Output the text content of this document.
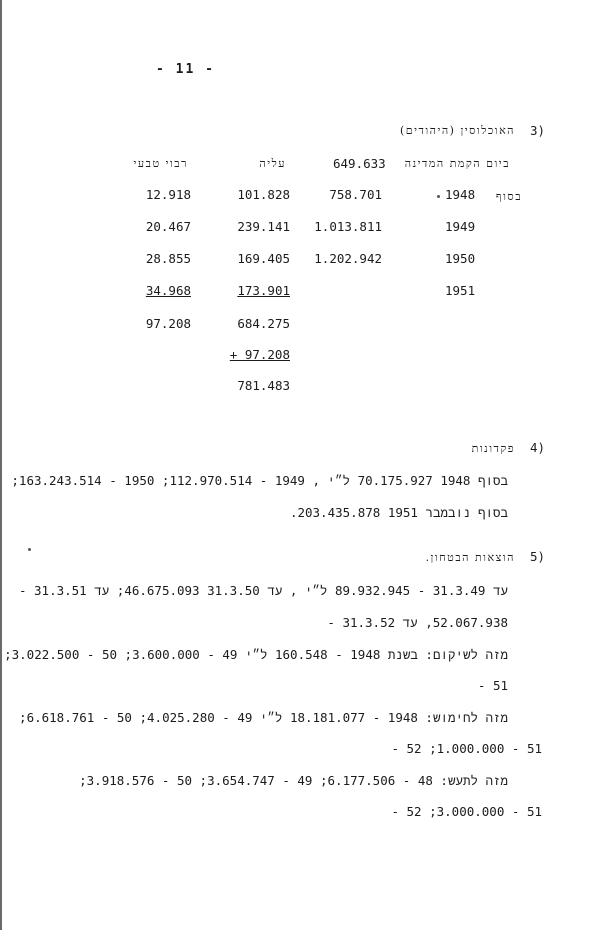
- 11 -
3)
האוכלוסין (היהודים)
ביום הקמת המדינה
649.633
עליה
רבוי טבעי
בסוף
1948
758.701
101.828
12.918
1949
1.013.811
239.141
20.467
1950
1.202.942
169.405
28.855
1951
173.901
34.968
684.275
97.208
+ 97.208
781.483
4)
פקדונות
בסוף 1948 70.175.927 ל״י , 1949 - 112.970.514; 1950 - 163.243.514;
בסוף נובמבר 1951 203.435.878.
5)
הוצאות הבטחון.
עד 31.3.49 - 89.932.945 ל״י , עד 31.3.50 46.675.093; עד 31.3.51 -
52.067.938, עד 31.3.52 -
מזה לשיקום: בשנת 1948 - 160.548 ל״י 49 - 3.600.000; 50 - 3.022.500;
51 -
מזה לחימוש: 1948 - 18.181.077 ל״י 49 - 4.025.280; 50 - 6.618.761;
51 - 1.000.000; 52 -
מזה לתעש: 48 - 6.177.506; 49 - 3.654.747; 50 - 3.918.576;
51 - 3.000.000; 52 -
